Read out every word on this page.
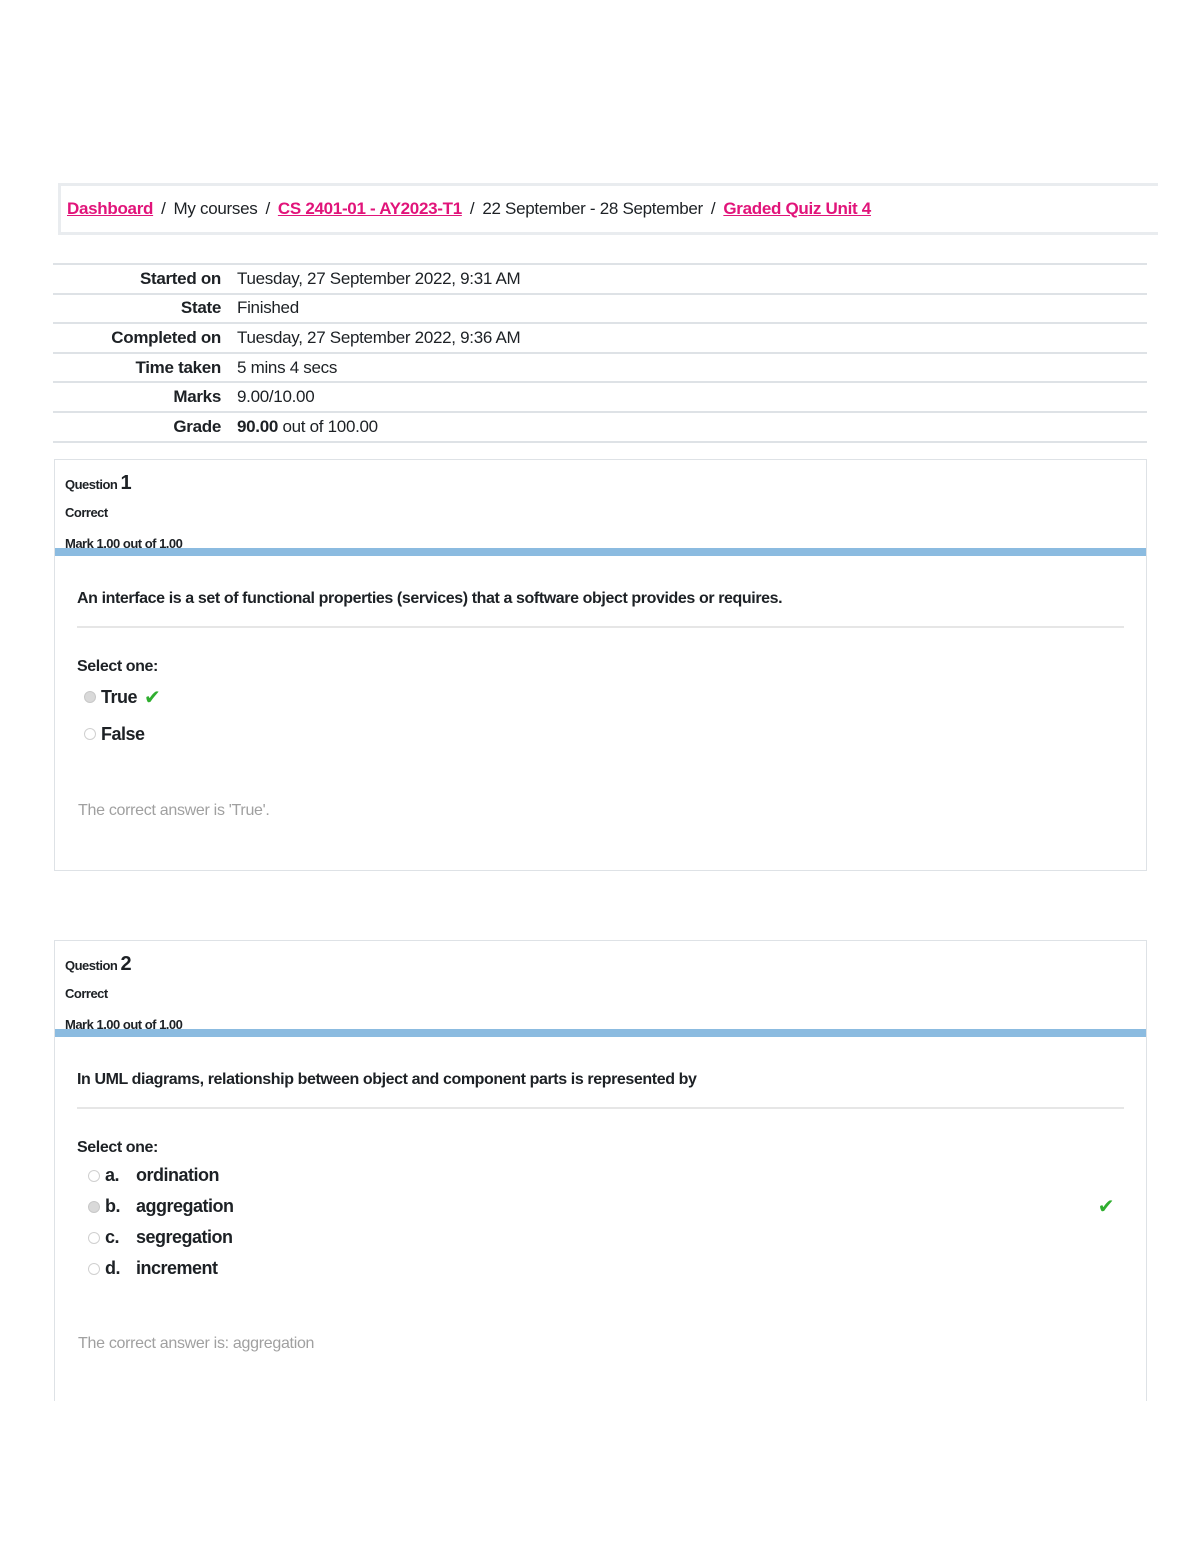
Dashboard / My courses / CS 2401-01 - AY2023-T1 / 22 September - 28 September / Graded Quiz Unit 4
Started on	Tuesday, 27 September 2022, 9:31 AM
State	Finished
Completed on	Tuesday, 27 September 2022, 9:36 AM
Time taken	5 mins 4 secs
Marks	9.00/10.00
Grade	90.00 out of 100.00
Question 1
Correct
Mark 1.00 out of 1.00
An interface is a set of functional properties (services) that a software object provides or requires.
Select one:
True ✔
False
The correct answer is 'True'.
Question 2
Correct
Mark 1.00 out of 1.00
In UML diagrams, relationship between object and component parts is represented by
Select one:
a. ordination
b. aggregation	✔
c. segregation
d. increment
The correct answer is: aggregation
